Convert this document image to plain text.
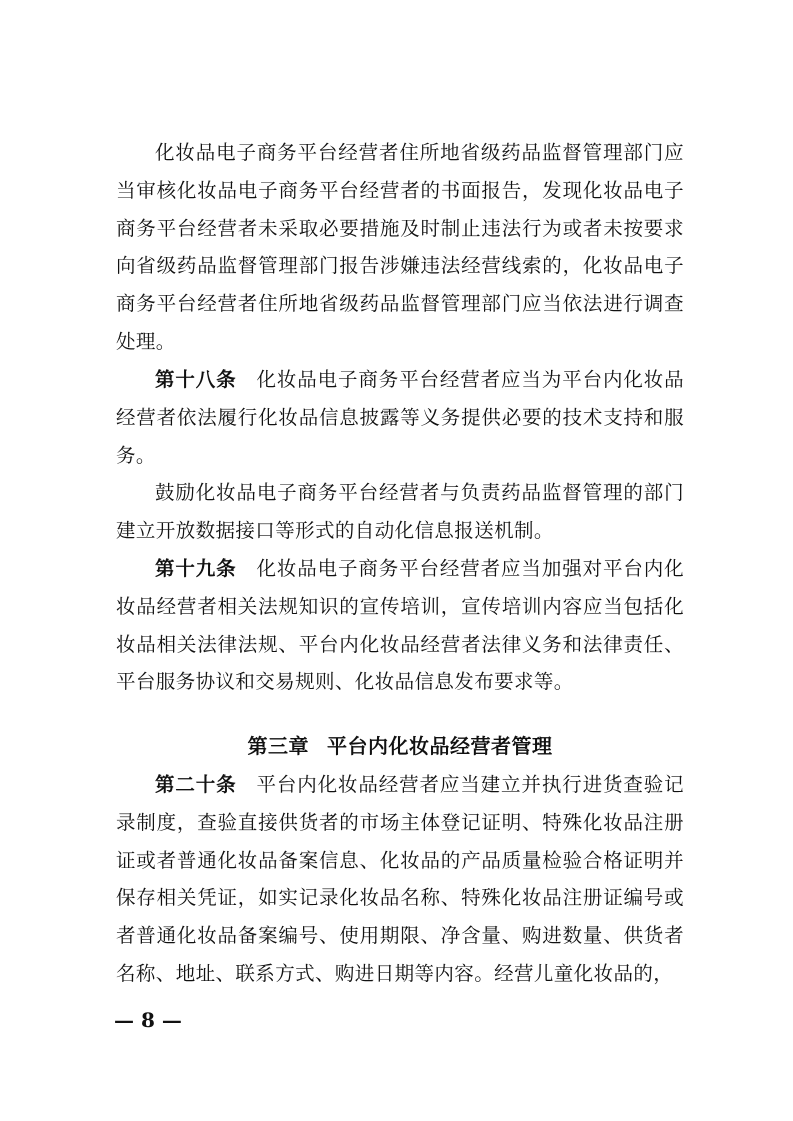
化妆品电子商务平台经营者住所地省级药品监督管理部门应当审核化妆品电子商务平台经营者的书面报告，发现化妆品电子商务平台经营者未采取必要措施及时制止违法行为或者未按要求向省级药品监督管理部门报告涉嫌违法经营线索的，化妆品电子商务平台经营者住所地省级药品监督管理部门应当依法进行调查处理。

第十八条 化妆品电子商务平台经营者应当为平台内化妆品经营者依法履行化妆品信息披露等义务提供必要的技术支持和服务。

鼓励化妆品电子商务平台经营者与负责药品监督管理的部门建立开放数据接口等形式的自动化信息报送机制。

第十九条 化妆品电子商务平台经营者应当加强对平台内化妆品经营者相关法规知识的宣传培训，宣传培训内容应当包括化妆品相关法律法规、平台内化妆品经营者法律义务和法律责任、平台服务协议和交易规则、化妆品信息发布要求等。

第三章 平台内化妆品经营者管理

第二十条 平台内化妆品经营者应当建立并执行进货查验记录制度，查验直接供货者的市场主体登记证明、特殊化妆品注册证或者普通化妆品备案信息、化妆品的产品质量检验合格证明并保存相关凭证，如实记录化妆品名称、特殊化妆品注册证编号或者普通化妆品备案编号、使用期限、净含量、购进数量、供货者名称、地址、联系方式、购进日期等内容。经营儿童化妆品的，

— 8 —
